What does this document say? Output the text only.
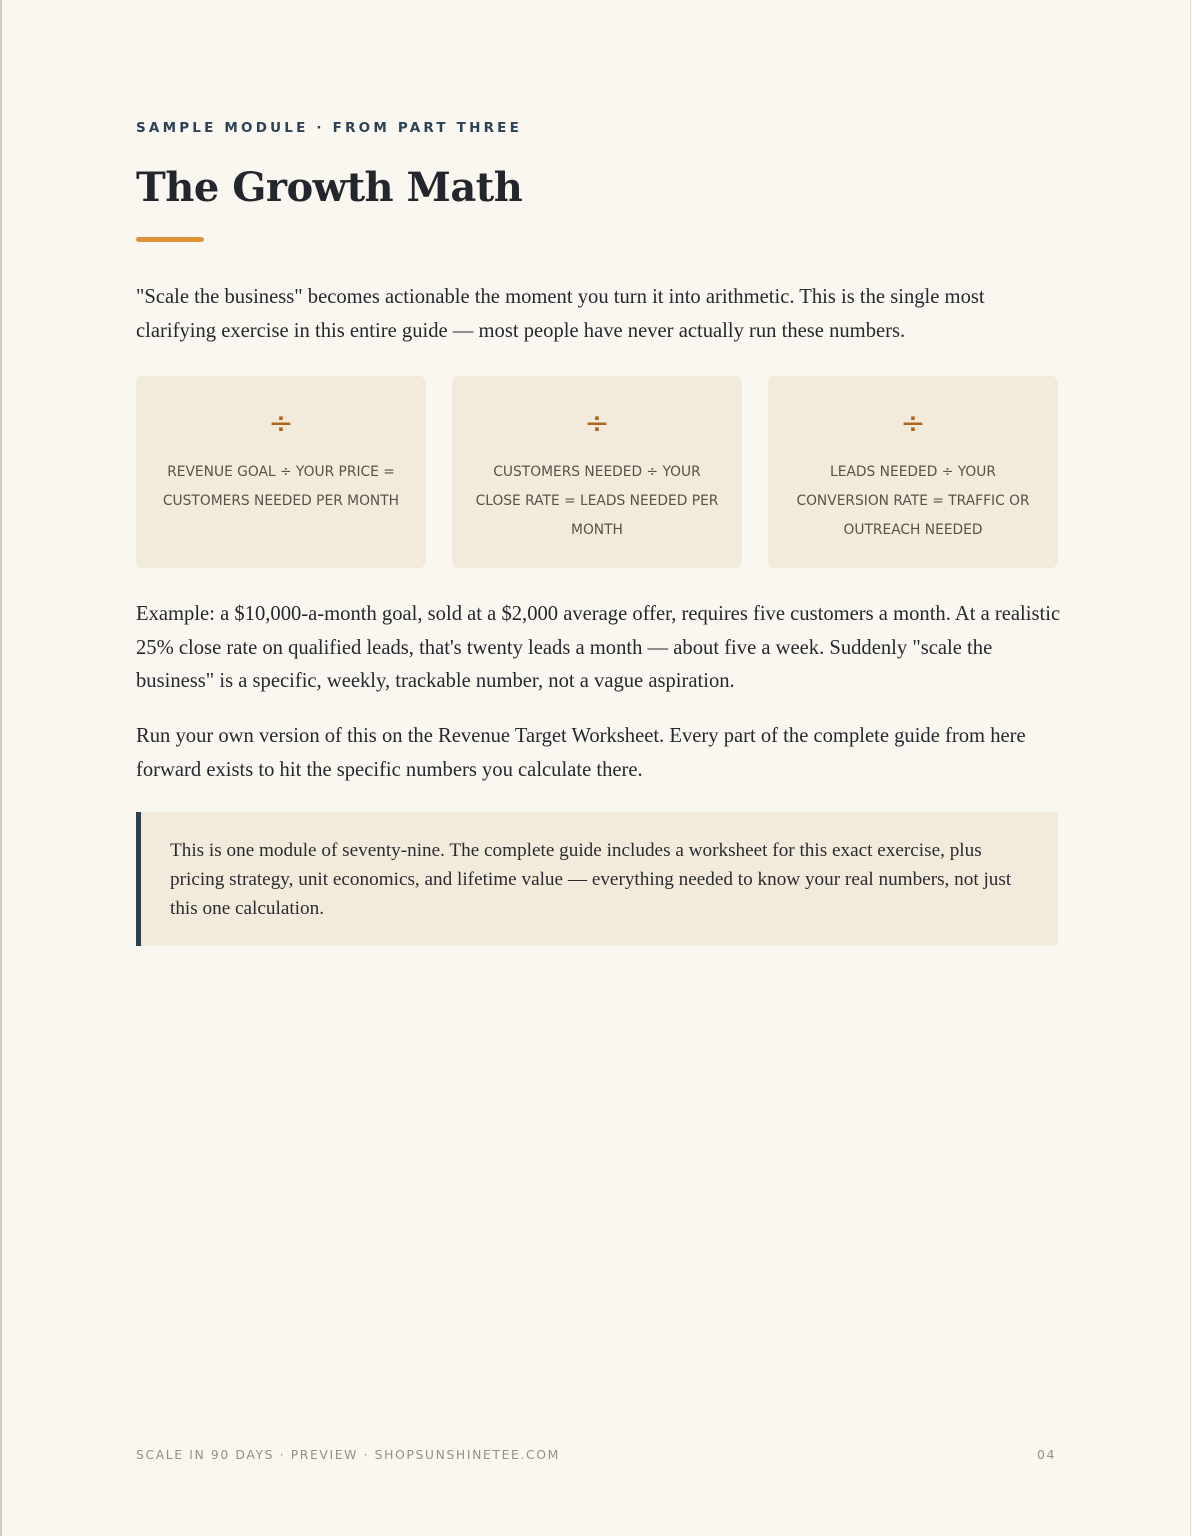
SAMPLE MODULE · FROM PART THREE
The Growth Math

"Scale the business" becomes actionable the moment you turn it into arithmetic. This is the single most clarifying exercise in this entire guide — most people have never actually run these numbers.

÷
REVENUE GOAL ÷ YOUR PRICE = CUSTOMERS NEEDED PER MONTH
÷
CUSTOMERS NEEDED ÷ YOUR CLOSE RATE = LEADS NEEDED PER MONTH
÷
LEADS NEEDED ÷ YOUR CONVERSION RATE = TRAFFIC OR OUTREACH NEEDED

Example: a $10,000-a-month goal, sold at a $2,000 average offer, requires five customers a month. At a realistic 25% close rate on qualified leads, that's twenty leads a month — about five a week. Suddenly "scale the business" is a specific, weekly, trackable number, not a vague aspiration.

Run your own version of this on the Revenue Target Worksheet. Every part of the complete guide from here forward exists to hit the specific numbers you calculate there.

This is one module of seventy-nine. The complete guide includes a worksheet for this exact exercise, plus pricing strategy, unit economics, and lifetime value — everything needed to know your real numbers, not just this one calculation.

SCALE IN 90 DAYS · PREVIEW · SHOPSUNSHINETEE.COM	04
